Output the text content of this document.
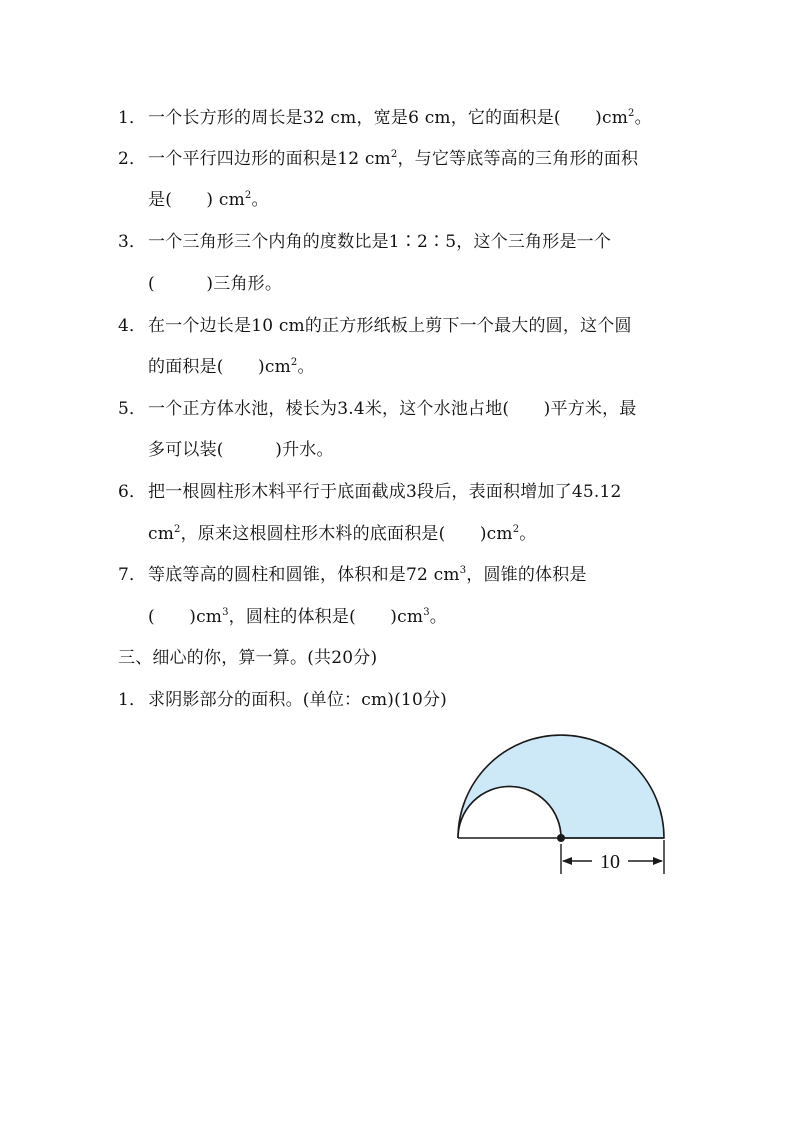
1． 一个长方形的周长是32 cm，宽是6 cm，它的面积是(　　)$cm^2$。
2． 一个平行四边形的面积是12 $cm^2$，与它等底等高的三角形的面积
是(　　) $cm^2$。
3． 一个三角形三个内角的度数比是1∶2∶5，这个三角形是一个
(　　　)三角形。
4． 在一个边长是10 cm的正方形纸板上剪下一个最大的圆，这个圆
的面积是(　　)$cm^2$。
5． 一个正方体水池，棱长为3.4米，这个水池占地(　　)平方米，最
多可以装(　　　)升水。
6． 把一根圆柱形木料平行于底面截成3段后，表面积增加了45.12
$cm^2$，原来这根圆柱形木料的底面积是(　　)$cm^2$。
7． 等底等高的圆柱和圆锥，体积和是72 $cm^3$，圆锥的体积是
(　　)$cm^3$，圆柱的体积是(　　)$cm^3$。
三、细心的你，算一算。(共20分)
1． 求阴影部分的面积。(单位：cm)(10分)
10
